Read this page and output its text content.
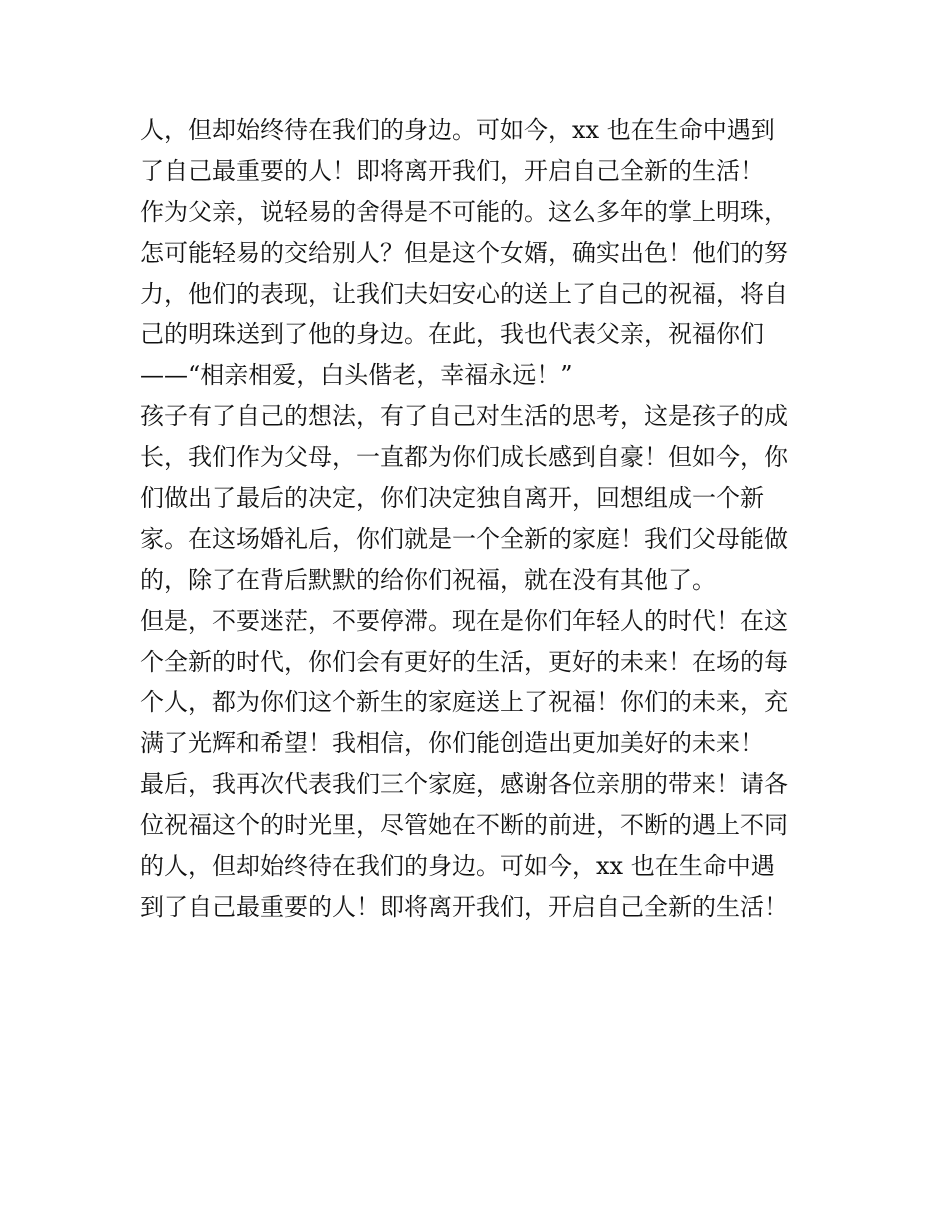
人，但却始终待在我们的身边。可如今，xx 也在生命中遇到
了自己最重要的人！即将离开我们，开启自己全新的生活！
作为父亲，说轻易的舍得是不可能的。这么多年的掌上明珠，
怎可能轻易的交给别人？但是这个女婿，确实出色！他们的努
力，他们的表现，让我们夫妇安心的送上了自己的祝福，将自
己的明珠送到了他的身边。在此，我也代表父亲，祝福你们
——“相亲相爱，白头偕老，幸福永远！”
孩子有了自己的想法，有了自己对生活的思考，这是孩子的成
长，我们作为父母，一直都为你们成长感到自豪！但如今，你
们做出了最后的决定，你们决定独自离开，回想组成一个新
家。在这场婚礼后，你们就是一个全新的家庭！我们父母能做
的，除了在背后默默的给你们祝福，就在没有其他了。
但是，不要迷茫，不要停滞。现在是你们年轻人的时代！在这
个全新的时代，你们会有更好的生活，更好的未来！在场的每
个人，都为你们这个新生的家庭送上了祝福！你们的未来，充
满了光辉和希望！我相信，你们能创造出更加美好的未来！
最后，我再次代表我们三个家庭，感谢各位亲朋的带来！请各
位祝福这个的时光里，尽管她在不断的前进，不断的遇上不同
的人，但却始终待在我们的身边。可如今，xx 也在生命中遇
到了自己最重要的人！即将离开我们，开启自己全新的生活！
